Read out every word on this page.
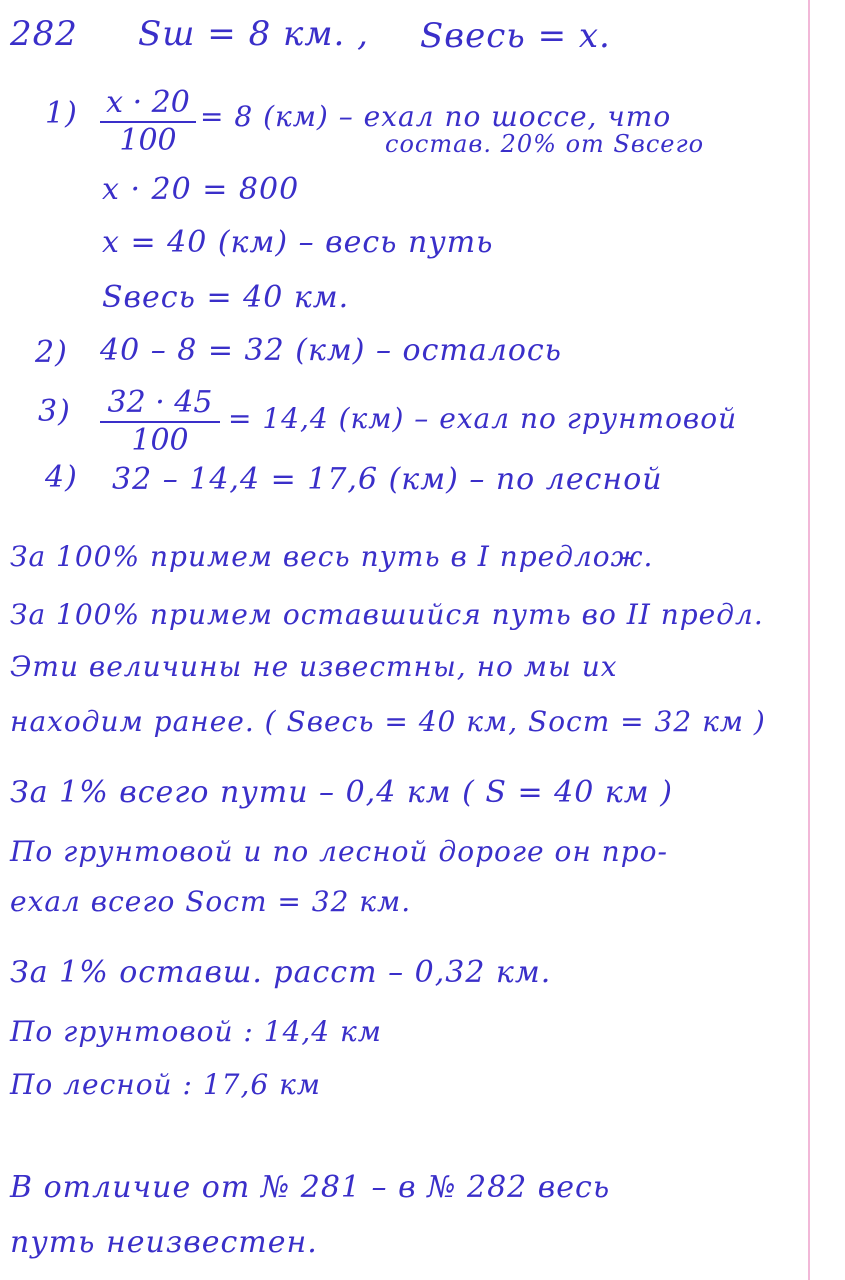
282 Sш = 8 км. , Sвесь = x.
1) x · 20
100
= 8 (км) – ехал по шоссе, что
состав. 20% от Sвсего
x · 20 = 800
x = 40 (км) – весь путь
Sвесь = 40 км.
2) 40 – 8 = 32 (км) – осталось
3) 32 · 45
100
= 14,4 (км) – ехал по грунтовой
4) 32 – 14,4 = 17,6 (км) – по лесной
За 100% примем весь путь в I предлож.
За 100% примем оставшийся путь во II предл.
Эти величины не известны, но мы их
находим ранее. ( Sвесь = 40 км, Sост = 32 км )
За 1% всего пути – 0,4 км ( S = 40 км )
По грунтовой и по лесной дороге он про-
ехал всего Sост = 32 км.
За 1% оставш. расст – 0,32 км.
По грунтовой : 14,4 км
По лесной : 17,6 км
В отличие от № 281 – в № 282 весь
путь неизвестен.
